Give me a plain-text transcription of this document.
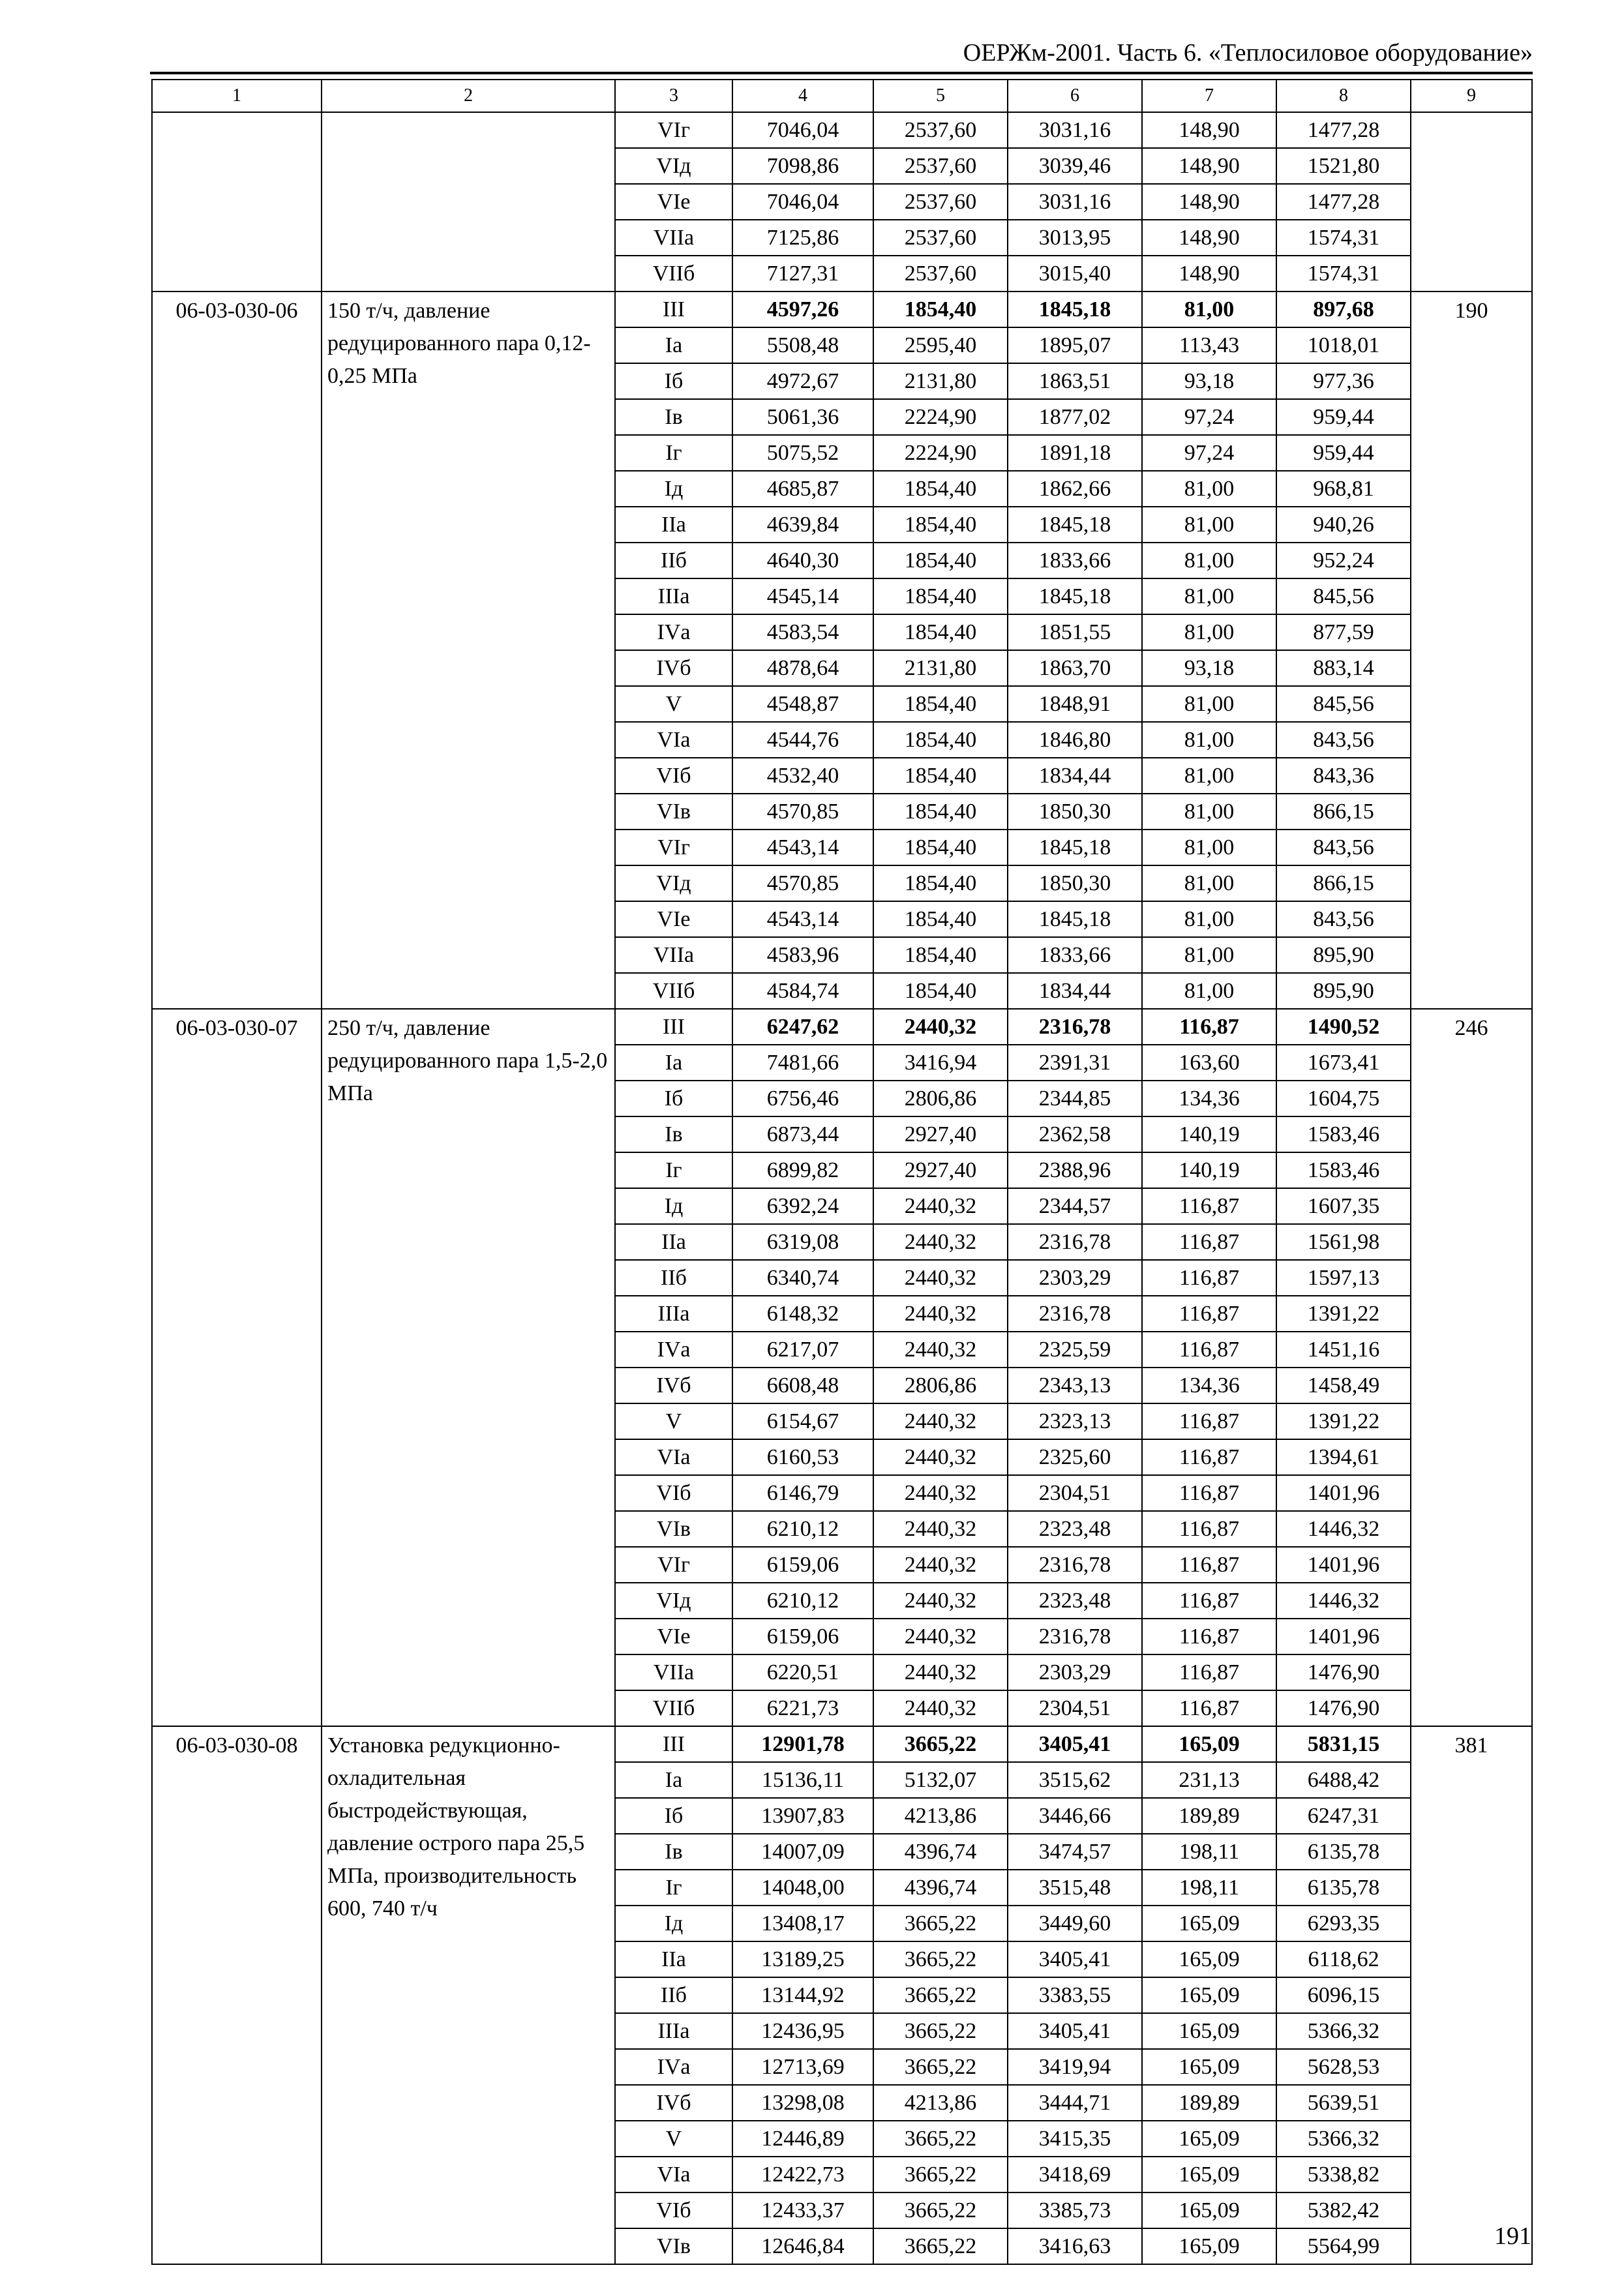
ОЕРЖм-2001. Часть 6. «Теплосиловое оборудование»
1	2	3	4	5	6	7	8	9
		VIг	7046,04	2537,60	3031,16	148,90	1477,28	
		VIд	7098,86	2537,60	3039,46	148,90	1521,80	
		VIе	7046,04	2537,60	3031,16	148,90	1477,28	
		VIIа	7125,86	2537,60	3013,95	148,90	1574,31	
		VIIб	7127,31	2537,60	3015,40	148,90	1574,31	
06-03-030-06	150 т/ч, давление редуцированного пара 0,12-0,25 МПа	III	4597,26	1854,40	1845,18	81,00	897,68	190
		Iа	5508,48	2595,40	1895,07	113,43	1018,01	
		Iб	4972,67	2131,80	1863,51	93,18	977,36	
		Iв	5061,36	2224,90	1877,02	97,24	959,44	
		Iг	5075,52	2224,90	1891,18	97,24	959,44	
		Iд	4685,87	1854,40	1862,66	81,00	968,81	
		IIа	4639,84	1854,40	1845,18	81,00	940,26	
		IIб	4640,30	1854,40	1833,66	81,00	952,24	
		IIIа	4545,14	1854,40	1845,18	81,00	845,56	
		IVа	4583,54	1854,40	1851,55	81,00	877,59	
		IVб	4878,64	2131,80	1863,70	93,18	883,14	
		V	4548,87	1854,40	1848,91	81,00	845,56	
		VIа	4544,76	1854,40	1846,80	81,00	843,56	
		VIб	4532,40	1854,40	1834,44	81,00	843,36	
		VIв	4570,85	1854,40	1850,30	81,00	866,15	
		VIг	4543,14	1854,40	1845,18	81,00	843,56	
		VIд	4570,85	1854,40	1850,30	81,00	866,15	
		VIе	4543,14	1854,40	1845,18	81,00	843,56	
		VIIа	4583,96	1854,40	1833,66	81,00	895,90	
		VIIб	4584,74	1854,40	1834,44	81,00	895,90	
06-03-030-07	250 т/ч, давление редуцированного пара 1,5-2,0 МПа	III	6247,62	2440,32	2316,78	116,87	1490,52	246
		Iа	7481,66	3416,94	2391,31	163,60	1673,41	
		Iб	6756,46	2806,86	2344,85	134,36	1604,75	
		Iв	6873,44	2927,40	2362,58	140,19	1583,46	
		Iг	6899,82	2927,40	2388,96	140,19	1583,46	
		Iд	6392,24	2440,32	2344,57	116,87	1607,35	
		IIа	6319,08	2440,32	2316,78	116,87	1561,98	
		IIб	6340,74	2440,32	2303,29	116,87	1597,13	
		IIIа	6148,32	2440,32	2316,78	116,87	1391,22	
		IVа	6217,07	2440,32	2325,59	116,87	1451,16	
		IVб	6608,48	2806,86	2343,13	134,36	1458,49	
		V	6154,67	2440,32	2323,13	116,87	1391,22	
		VIа	6160,53	2440,32	2325,60	116,87	1394,61	
		VIб	6146,79	2440,32	2304,51	116,87	1401,96	
		VIв	6210,12	2440,32	2323,48	116,87	1446,32	
		VIг	6159,06	2440,32	2316,78	116,87	1401,96	
		VIд	6210,12	2440,32	2323,48	116,87	1446,32	
		VIе	6159,06	2440,32	2316,78	116,87	1401,96	
		VIIа	6220,51	2440,32	2303,29	116,87	1476,90	
		VIIб	6221,73	2440,32	2304,51	116,87	1476,90	
06-03-030-08	Установка редукционно-охладительная быстродействующая, давление острого пара 25,5 МПа, производительность 600, 740 т/ч	III	12901,78	3665,22	3405,41	165,09	5831,15	381
		Iа	15136,11	5132,07	3515,62	231,13	6488,42	
		Iб	13907,83	4213,86	3446,66	189,89	6247,31	
		Iв	14007,09	4396,74	3474,57	198,11	6135,78	
		Iг	14048,00	4396,74	3515,48	198,11	6135,78	
		Iд	13408,17	3665,22	3449,60	165,09	6293,35	
		IIа	13189,25	3665,22	3405,41	165,09	6118,62	
		IIб	13144,92	3665,22	3383,55	165,09	6096,15	
		IIIа	12436,95	3665,22	3405,41	165,09	5366,32	
		IVа	12713,69	3665,22	3419,94	165,09	5628,53	
		IVб	13298,08	4213,86	3444,71	189,89	5639,51	
		V	12446,89	3665,22	3415,35	165,09	5366,32	
		VIа	12422,73	3665,22	3418,69	165,09	5338,82	
		VIб	12433,37	3665,22	3385,73	165,09	5382,42	
		VIв	12646,84	3665,22	3416,63	165,09	5564,99		191
